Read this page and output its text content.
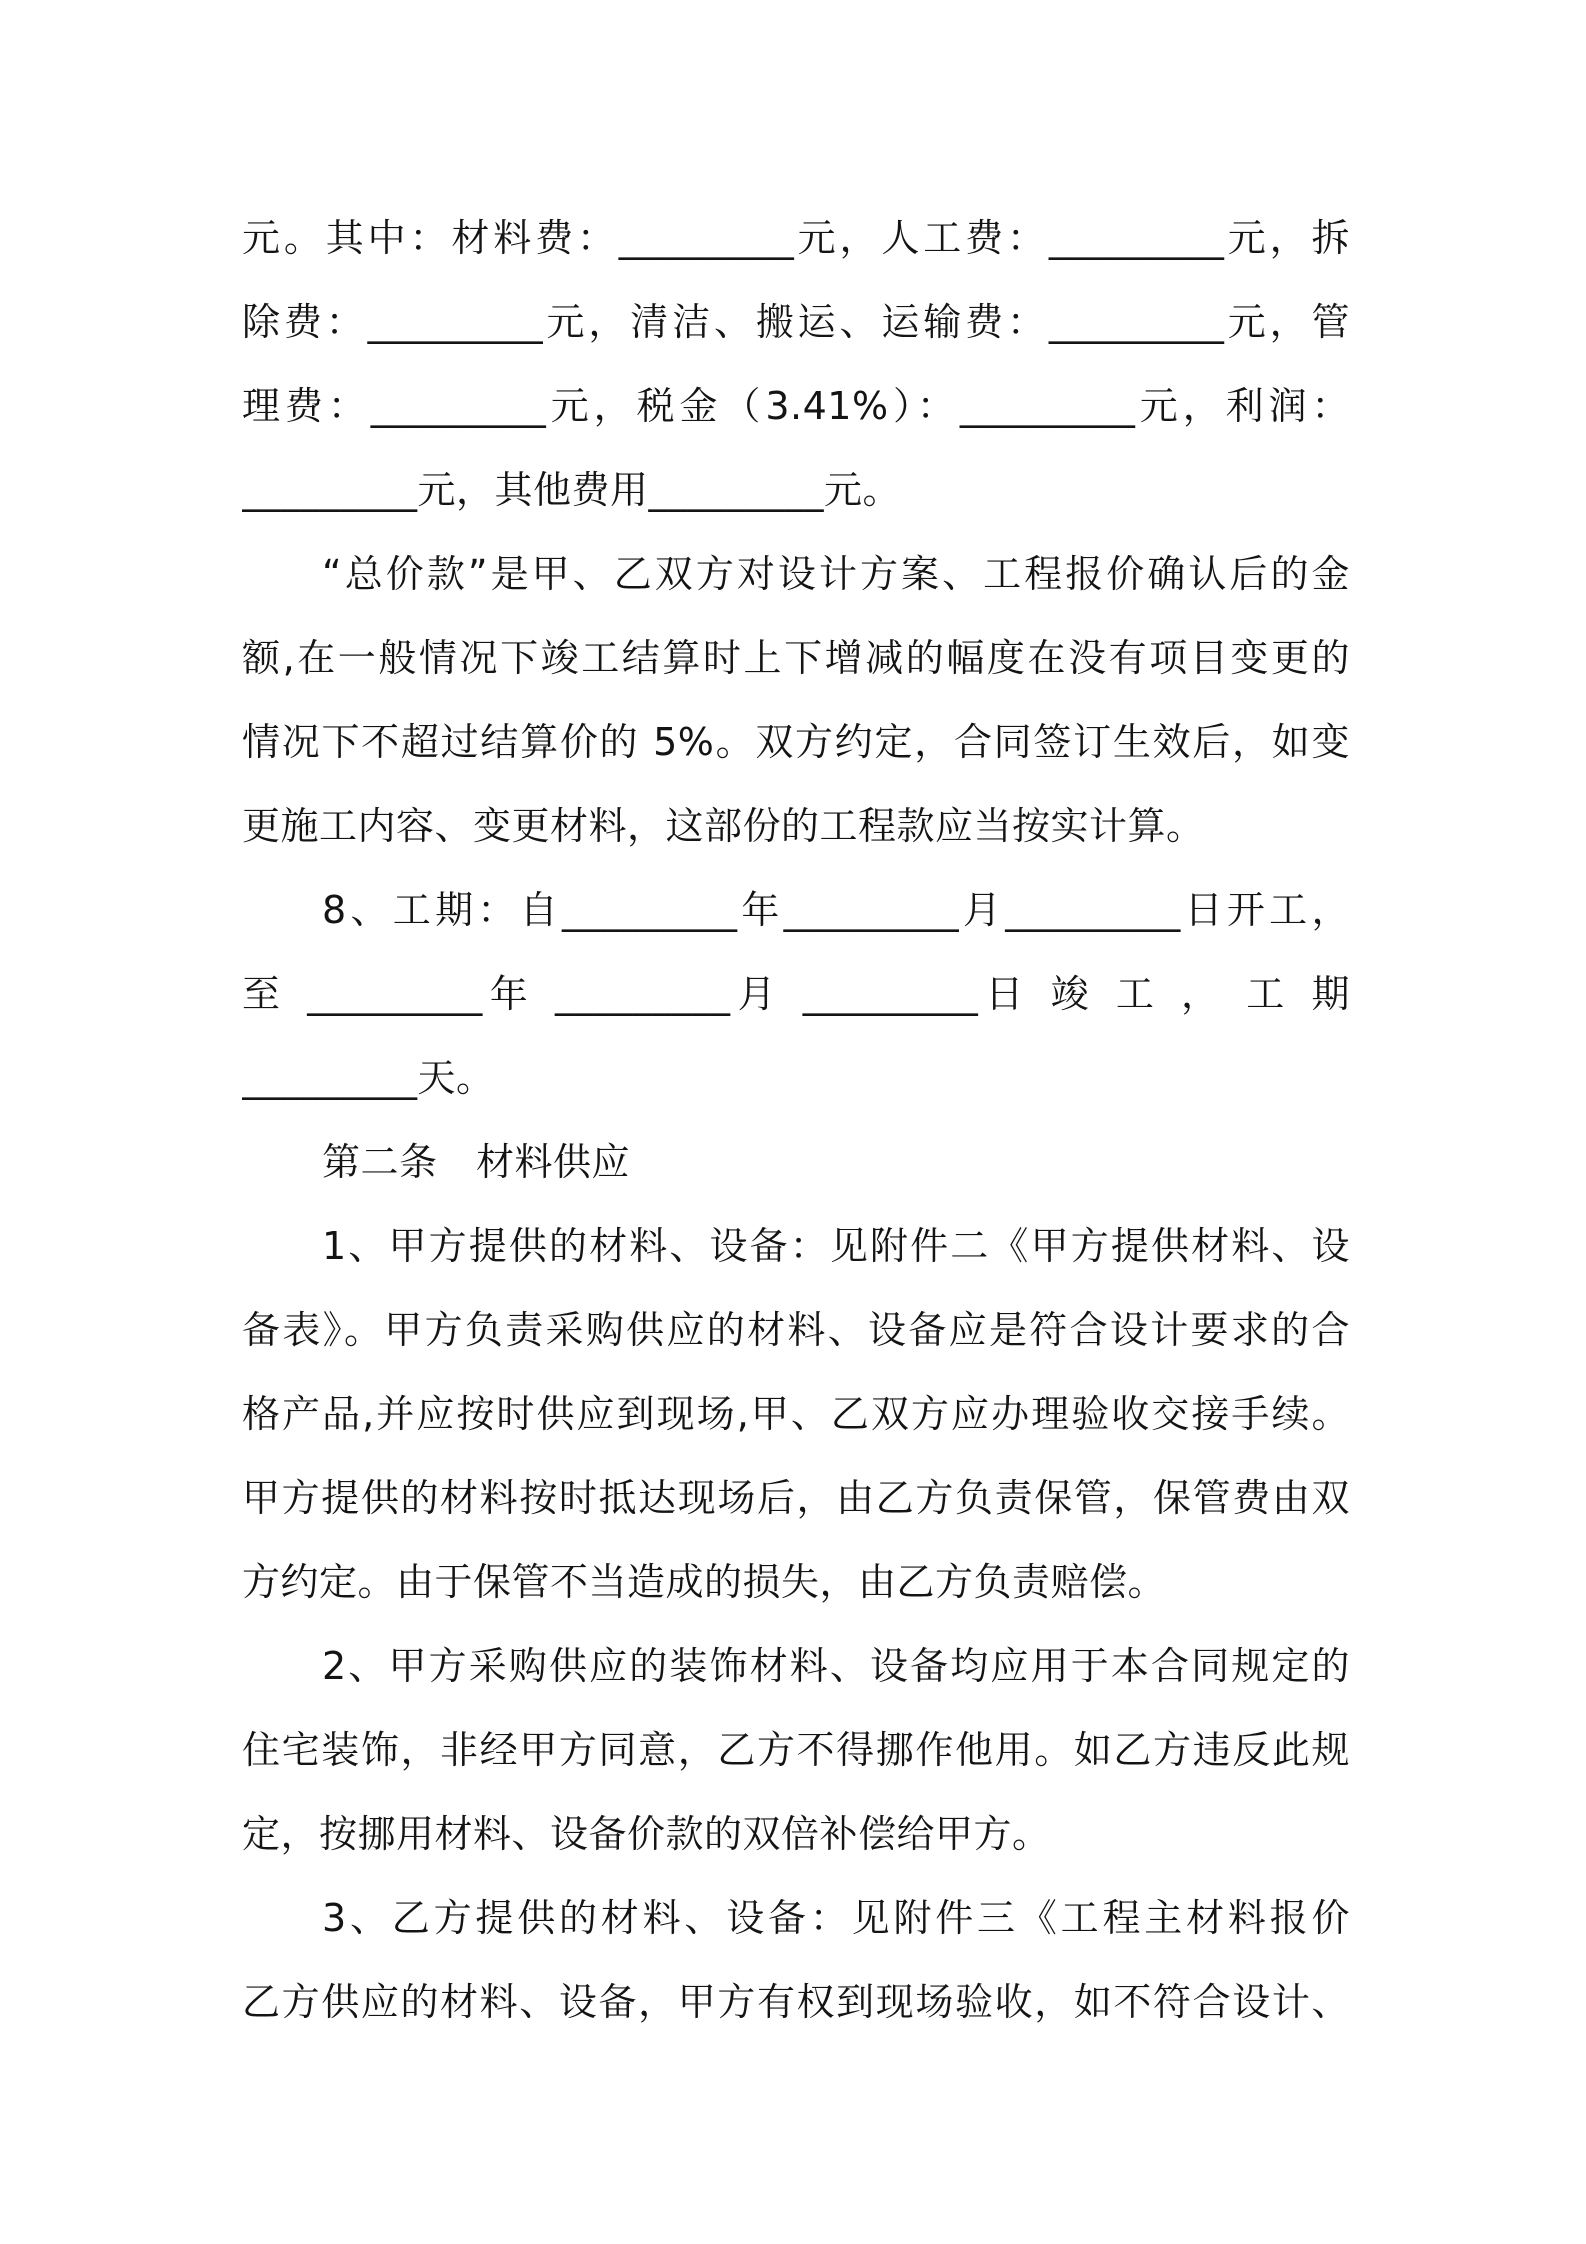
元。其中：材料费：_________元，人工费：_________元，拆
除费：_________元，清洁、搬运、运输费：_________元，管
理费：_________元，税金（3.41%）：_________元，利润：
_________元，其他费用_________元。
“总价款”是甲、乙双方对设计方案、工程报价确认后的金
额,在一般情况下竣工结算时上下增减的幅度在没有项目变更的
情况下不超过结算价的 5%。双方约定，合同签订生效后，如变
更施工内容、变更材料，这部份的工程款应当按实计算。
8、工期：自_________年_________月_________日开工，
至 _________年 _________月 _________日 竣 工 ， 工 期
_________天。
第二条　材料供应
1、甲方提供的材料、设备：见附件二《甲方提供材料、设
备表》。甲方负责采购供应的材料、设备应是符合设计要求的合
格产品,并应按时供应到现场,甲、乙双方应办理验收交接手续。
甲方提供的材料按时抵达现场后，由乙方负责保管，保管费由双
方约定。由于保管不当造成的损失，由乙方负责赔偿。
2、甲方采购供应的装饰材料、设备均应用于本合同规定的
住宅装饰，非经甲方同意，乙方不得挪作他用。如乙方违反此规
定，按挪用材料、设备价款的双倍补偿给甲方。
3、乙方提供的材料、设备：见附件三《工程主材料报价
乙方供应的材料、设备，甲方有权到现场验收，如不符合设计、
